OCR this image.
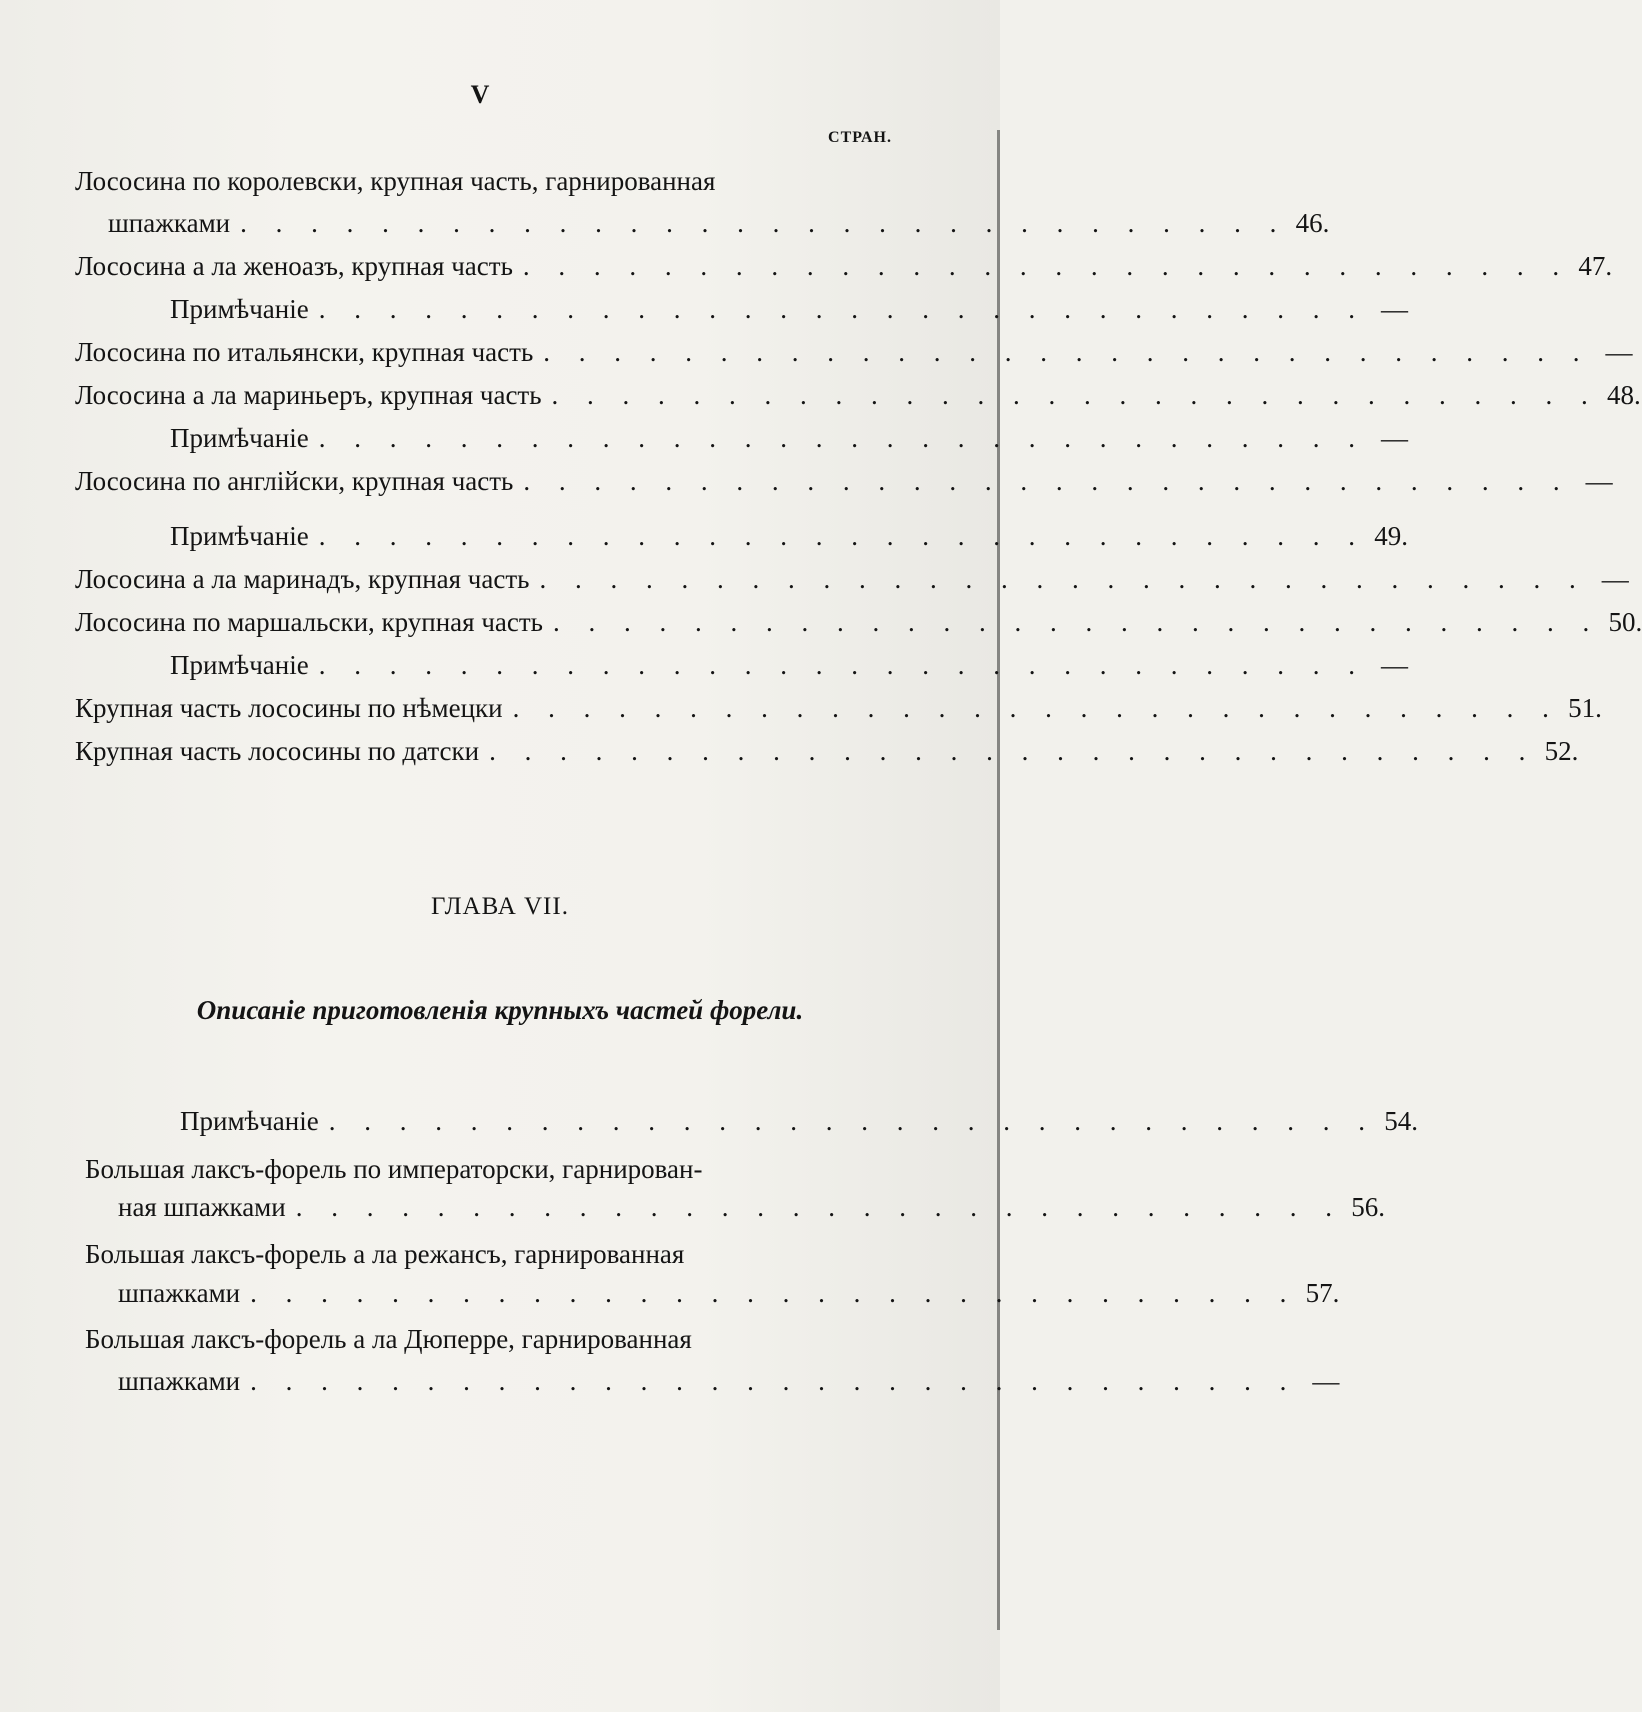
V
СТРАН.
Лососина по королевски, крупная часть, гарнированная
шпажками . . . . . . . . . . . . . . . . . . . . . . . . . . . . . . 46.
Лососина а ла женоазъ, крупная часть . . . . . . . . . . . . . . . . . . . . . . . . . . . . . . 47.
Примѣчаніе . . . . . . . . . . . . . . . . . . . . . . . . . . . . . . —
Лососина по итальянски, крупная часть . . . . . . . . . . . . . . . . . . . . . . . . . . . . . . —
Лососина а ла мариньеръ, крупная часть . . . . . . . . . . . . . . . . . . . . . . . . . . . . . . 48.
Примѣчаніе . . . . . . . . . . . . . . . . . . . . . . . . . . . . . . —
Лососина по англійски, крупная часть . . . . . . . . . . . . . . . . . . . . . . . . . . . . . . —
Примѣчаніе . . . . . . . . . . . . . . . . . . . . . . . . . . . . . . 49.
Лососина а ла маринадъ, крупная часть . . . . . . . . . . . . . . . . . . . . . . . . . . . . . . —
Лососина по маршальски, крупная часть . . . . . . . . . . . . . . . . . . . . . . . . . . . . . . 50.
Примѣчаніе . . . . . . . . . . . . . . . . . . . . . . . . . . . . . . —
Крупная часть лососины по нѣмецки . . . . . . . . . . . . . . . . . . . . . . . . . . . . . . 51.
Крупная часть лососины по датски . . . . . . . . . . . . . . . . . . . . . . . . . . . . . . 52.
ГЛАВА VII.
Описаніе приготовленія крупныхъ частей форели.
Примѣчаніе . . . . . . . . . . . . . . . . . . . . . . . . . . . . . . 54.
Большая лаксъ-форель по императорски, гарнирован-
ная шпажками . . . . . . . . . . . . . . . . . . . . . . . . . . . . . . 56.
Большая лаксъ-форель а ла режансъ, гарнированная
шпажками . . . . . . . . . . . . . . . . . . . . . . . . . . . . . . 57.
Большая лаксъ-форель а ла Дюперре, гарнированная
шпажками . . . . . . . . . . . . . . . . . . . . . . . . . . . . . . —
